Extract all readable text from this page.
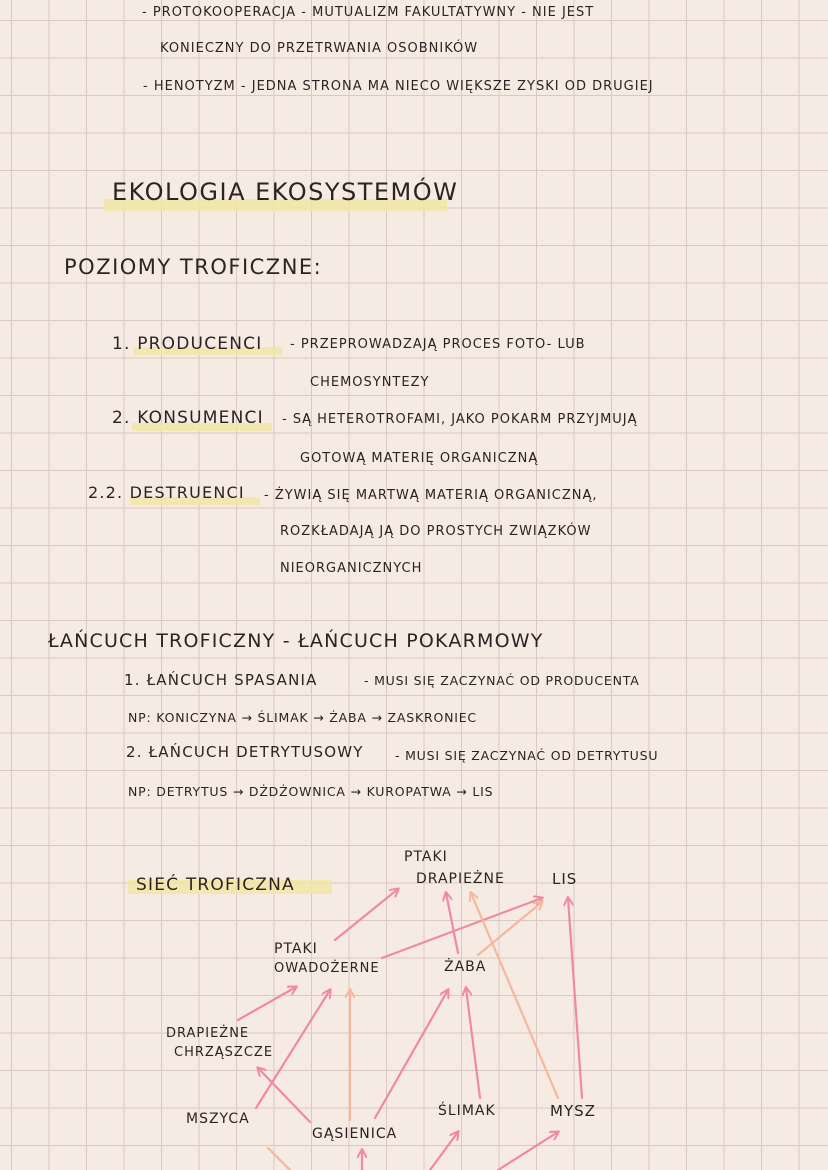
- PROTOKOOPERACJA - MUTUALIZM FAKULTATYWNY - NIE JEST
KONIECZNY DO PRZETRWANIA OSOBNIKÓW
- HENOTYZM - JEDNA STRONA MA NIECO WIĘKSZE ZYSKI OD DRUGIEJ
EKOLOGIA EKOSYSTEMÓW
POZIOMY TROFICZNE:
1. PRODUCENCI - PRZEPROWADZAJĄ PROCES FOTO- LUB
CHEMOSYNTEZY
2. KONSUMENCI - SĄ HETEROTROFAMI, JAKO POKARM PRZYJMUJĄ
GOTOWĄ MATERIĘ ORGANICZNĄ
2.2. DESTRUENCI - ŻYWIĄ SIĘ MARTWĄ MATERIĄ ORGANICZNĄ,
ROZKŁADAJĄ JĄ DO PROSTYCH ZWIĄZKÓW
NIEORGANICZNYCH
ŁAŃCUCH TROFICZNY - ŁAŃCUCH POKARMOWY
1. ŁAŃCUCH SPASANIA	- MUSI SIĘ ZACZYNAĆ OD PRODUCENTA
NP: KONICZYNA → ŚLIMAK → ŻABA → ZASKRONIEC
2. ŁAŃCUCH DETRYTUSOWY	- MUSI SIĘ ZACZYNAĆ OD DETRYTUSU
NP: DETRYTUS → DŻDŻOWNICA → KUROPATWA → LIS
SIEĆ TROFICZNA
PTAKI
DRAPIEŻNE	LIS
PTAKI
OWADOŻERNE	ŻABA
DRAPIEŻNE
CHRZĄSZCZE
MSZYCA
GĄSIENICA
ŚLIMAK	MYSZ
